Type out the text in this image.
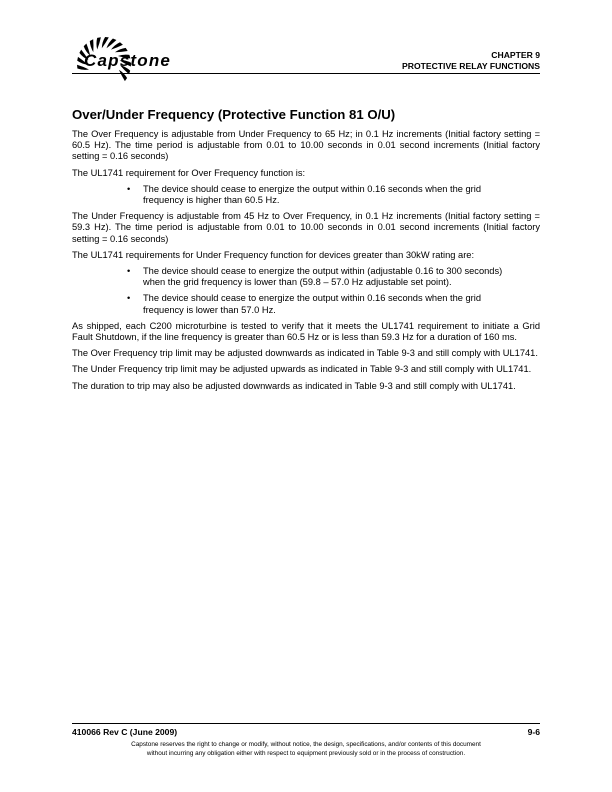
Capstone	CHAPTER 9
PROTECTIVE RELAY FUNCTIONS
Over/Under Frequency (Protective Function 81 O/U)

The Over Frequency is adjustable from Under Frequency to 65 Hz; in 0.1 Hz increments (Initial factory setting = 60.5 Hz). The time period is adjustable from 0.01 to 10.00 seconds in 0.01 second increments (Initial factory setting = 0.16 seconds)

The UL1741 requirement for Over Frequency function is:

• The device should cease to energize the output within 0.16 seconds when the grid frequency is higher than 60.5 Hz.

The Under Frequency is adjustable from 45 Hz to Over Frequency, in 0.1 Hz increments (Initial factory setting = 59.3 Hz). The time period is adjustable from 0.01 to 10.00 seconds in 0.01 second increments (Initial factory setting = 0.16 seconds)

The UL1741 requirements for Under Frequency function for devices greater than 30kW rating are:

• The device should cease to energize the output within (adjustable 0.16 to 300 seconds) when the grid frequency is lower than (59.8 – 57.0 Hz adjustable set point).
• The device should cease to energize the output within 0.16 seconds when the grid frequency is lower than 57.0 Hz.

As shipped, each C200 microturbine is tested to verify that it meets the UL1741 requirement to initiate a Grid Fault Shutdown, if the line frequency is greater than 60.5 Hz or is less than 59.3 Hz for a duration of 160 ms.

The Over Frequency trip limit may be adjusted downwards as indicated in Table 9-3 and still comply with UL1741.

The Under Frequency trip limit may be adjusted upwards as indicated in Table 9-3 and still comply with UL1741.

The duration to trip may also be adjusted downwards as indicated in Table 9-3 and still comply with UL1741.

410066 Rev C (June 2009)	9-6
Capstone reserves the right to change or modify, without notice, the design, specifications, and/or contents of this document
without incurring any obligation either with respect to equipment previously sold or in the process of construction.
